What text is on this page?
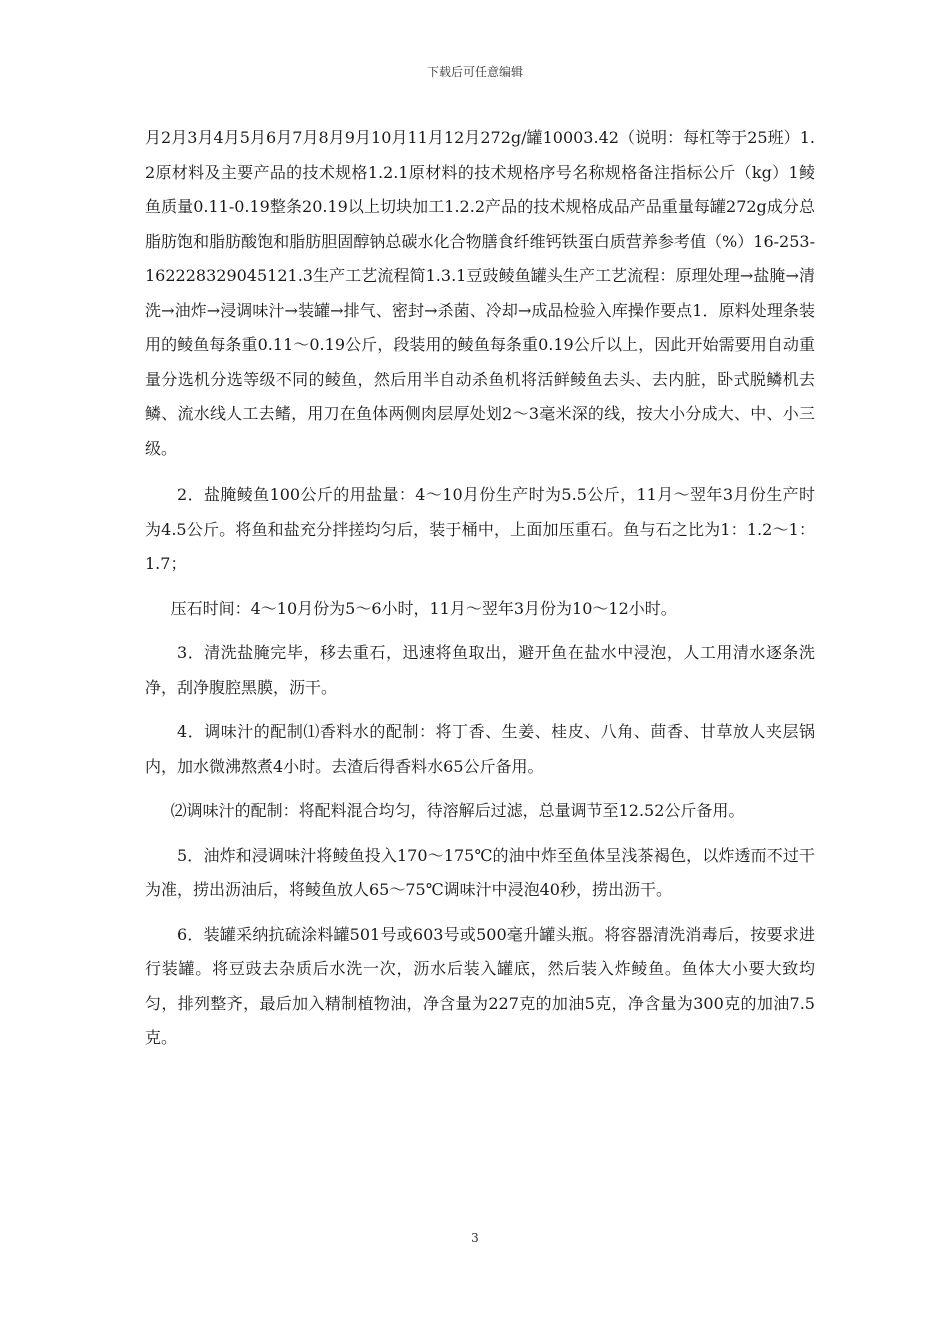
下载后可任意编辑

月2月3月4月5月6月7月8月9月10月11月12月272g/罐10003.42（说明：每杠等于25班）1.2原材料及主要产品的技术规格1.2.1原材料的技术规格序号名称规格备注指标公斤（kg）1鲮鱼质量0.11-0.19整条20.19以上切块加工1.2.2产品的技术规格成品产品重量每罐272g成分总脂肪饱和脂肪酸饱和脂肪胆固醇钠总碳水化合物膳食纤维钙铁蛋白质营养参考值（%）16-253-162228329045121.3生产工艺流程简1.3.1豆豉鲮鱼罐头生产工艺流程：原理处理→盐腌→清洗→油炸→浸调味汁→装罐→排气、密封→杀菌、冷却→成品检验入库操作要点1．原料处理条装用的鲮鱼每条重0.11～0.19公斤，段装用的鲮鱼每条重0.19公斤以上，因此开始需要用自动重量分选机分选等级不同的鲮鱼，然后用半自动杀鱼机将活鲜鲮鱼去头、去内脏，卧式脱鳞机去鳞、流水线人工去鳍，用刀在鱼体两侧肉层厚处划2～3毫米深的线，按大小分成大、中、小三级。

2．盐腌鲮鱼100公斤的用盐量：4～10月份生产时为5.5公斤，11月～翌年3月份生产时为4.5公斤。将鱼和盐充分拌搓均匀后，装于桶中，上面加压重石。鱼与石之比为1：1.2～1：1.7；

压石时间：4～10月份为5～6小时，11月～翌年3月份为10～12小时。

3．清洗盐腌完毕，移去重石，迅速将鱼取出，避开鱼在盐水中浸泡，人工用清水逐条洗净，刮净腹腔黑膜，沥干。

4．调味汁的配制⑴香料水的配制：将丁香、生姜、桂皮、八角、茴香、甘草放人夹层锅内，加水微沸熬煮4小时。去渣后得香料水65公斤备用。

⑵调味汁的配制：将配料混合均匀，待溶解后过滤，总量调节至12.52公斤备用。

5．油炸和浸调味汁将鲮鱼投入170～175℃的油中炸至鱼体呈浅茶褐色，以炸透而不过干为准，捞出沥油后，将鲮鱼放人65～75℃调味汁中浸泡40秒，捞出沥干。

6．装罐采纳抗硫涂料罐501号或603号或500毫升罐头瓶。将容器清洗消毒后，按要求进行装罐。将豆豉去杂质后水洗一次，沥水后装入罐底，然后装入炸鲮鱼。鱼体大小要大致均匀，排列整齐，最后加入精制植物油，净含量为227克的加油5克，净含量为300克的加油7.5克。

3
